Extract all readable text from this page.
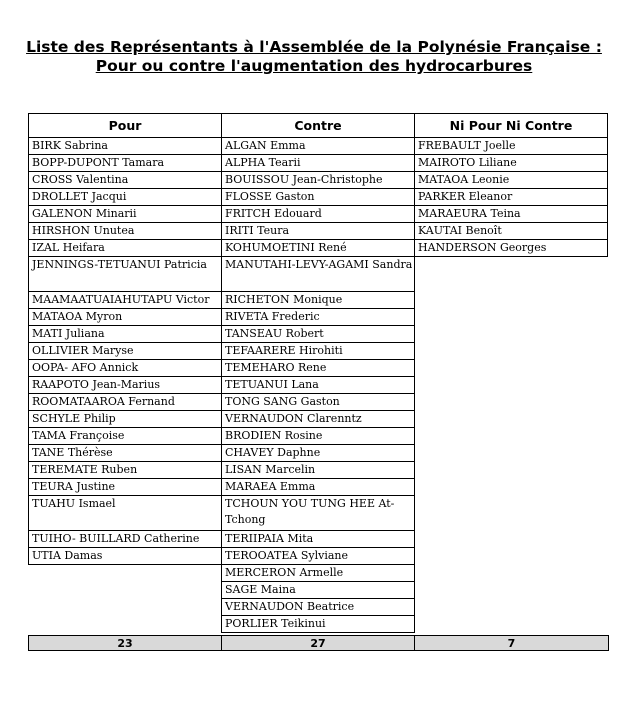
Liste des Représentants à l'Assemblée de la Polynésie Française :
Pour ou contre l'augmentation des hydrocarbures
Pour	Contre	Ni Pour Ni Contre
BIRK Sabrina	ALGAN Emma	FREBAULT Joelle
BOPP-DUPONT Tamara	ALPHA Tearii	MAIROTO Liliane
CROSS Valentina	BOUISSOU Jean-Christophe	MATAOA Leonie
DROLLET Jacqui	FLOSSE Gaston	PARKER Eleanor
GALENON Minarii	FRITCH Edouard	MARAEURA Teina
HIRSHON Unutea	IRITI Teura	KAUTAI Benoît
IZAL Heifara	KOHUMOETINI René	HANDERSON Georges
JENNINGS-TETUANUI Patricia	MANUTAHI-LEVY-AGAMI Sandra	
MAAMAATUAIAHUTAPU Victor	RICHETON Monique	
MATAOA Myron	RIVETA Frederic	
MATI Juliana	TANSEAU Robert	
OLLIVIER Maryse	TEFAARERE Hirohiti	
OOPA- AFO Annick	TEMEHARO Rene	
RAAPOTO Jean-Marius	TETUANUI Lana	
ROOMATAAROA Fernand	TONG SANG Gaston	
SCHYLE Philip	VERNAUDON Clarenntz	
TAMA Françoise	BRODIEN Rosine	
TANE Thérèse	CHAVEY Daphne	
TEREMATE Ruben	LISAN Marcelin	
TEURA Justine	MARAEA Emma	
TUAHU Ismael	TCHOUN YOU TUNG HEE At-Tchong	
TUIHO- BUILLARD Catherine	TERIIPAIA Mita	
UTIA Damas	TEROOATEA Sylviane	
	MERCERON Armelle	
	SAGE Maina	
	VERNAUDON Beatrice	
	PORLIER Teikinui	
23	27	7
